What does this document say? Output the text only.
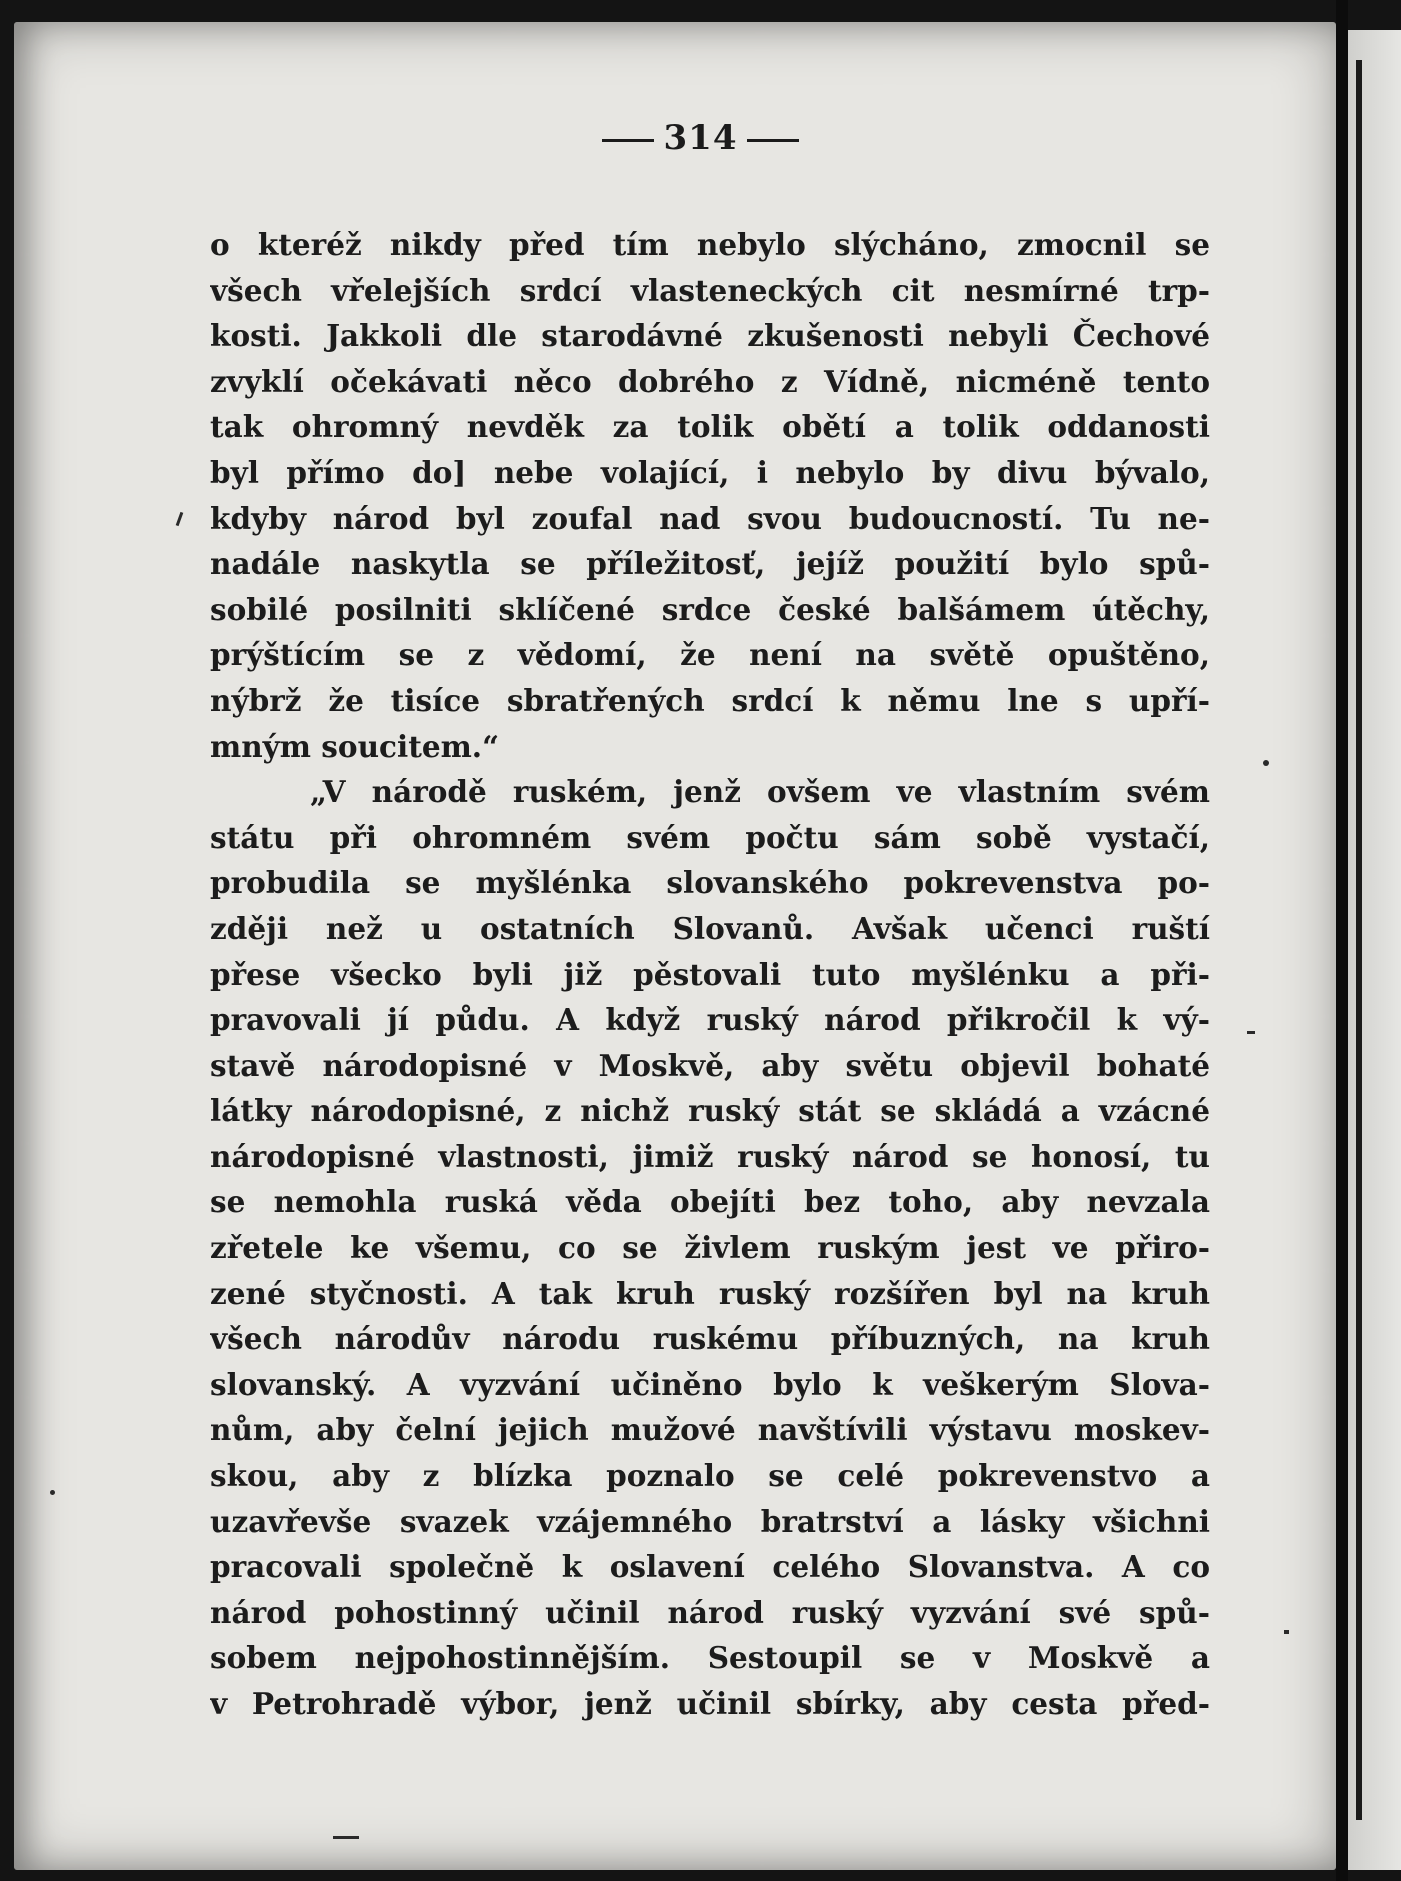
314
o kteréž nikdy před tím nebylo slýcháno, zmocnil se
všech vřelejších srdcí vlasteneckých cit nesmírné trp-
kosti. Jakkoli dle starodávné zkušenosti nebyli Čechové
zvyklí očekávati něco dobrého z Vídně, nicméně tento
tak ohromný nevděk za tolik obětí a tolik oddanosti
byl přímo do] nebe volající, i nebylo by divu bývalo,
kdyby národ byl zoufal nad svou budoucností. Tu ne-
nadále naskytla se příležitosť, jejíž použití bylo spů-
sobilé posilniti sklíčené srdce české balšámem útěchy,
prýštícím se z vědomí, že není na světě opuštěno,
nýbrž že tisíce sbratřených srdcí k němu lne s upří-
mným soucitem.“
„V národě ruském, jenž ovšem ve vlastním svém
státu při ohromném svém počtu sám sobě vystačí,
probudila se myšlénka slovanského pokrevenstva po-
zději než u ostatních Slovanů. Avšak učenci ruští
přese všecko byli již pěstovali tuto myšlénku a při-
pravovali jí půdu. A když ruský národ přikročil k vý-
stavě národopisné v Moskvě, aby světu objevil bohaté
látky národopisné, z nichž ruský stát se skládá a vzácné
národopisné vlastnosti, jimiž ruský národ se honosí, tu
se nemohla ruská věda obejíti bez toho, aby nevzala
zřetele ke všemu, co se živlem ruským jest ve přiro-
zené styčnosti. A tak kruh ruský rozšířen byl na kruh
všech národův národu ruskému příbuzných, na kruh
slovanský. A vyzvání učiněno bylo k veškerým Slova-
nům, aby čelní jejich mužové navštívili výstavu moskev-
skou, aby z blízka poznalo se celé pokrevenstvo a
uzavřevše svazek vzájemného bratrství a lásky všichni
pracovali společně k oslavení celého Slovanstva. A co
národ pohostinný učinil národ ruský vyzvání své spů-
sobem nejpohostinnějším. Sestoupil se v Moskvě a
v Petrohradě výbor, jenž učinil sbírky, aby cesta před-
